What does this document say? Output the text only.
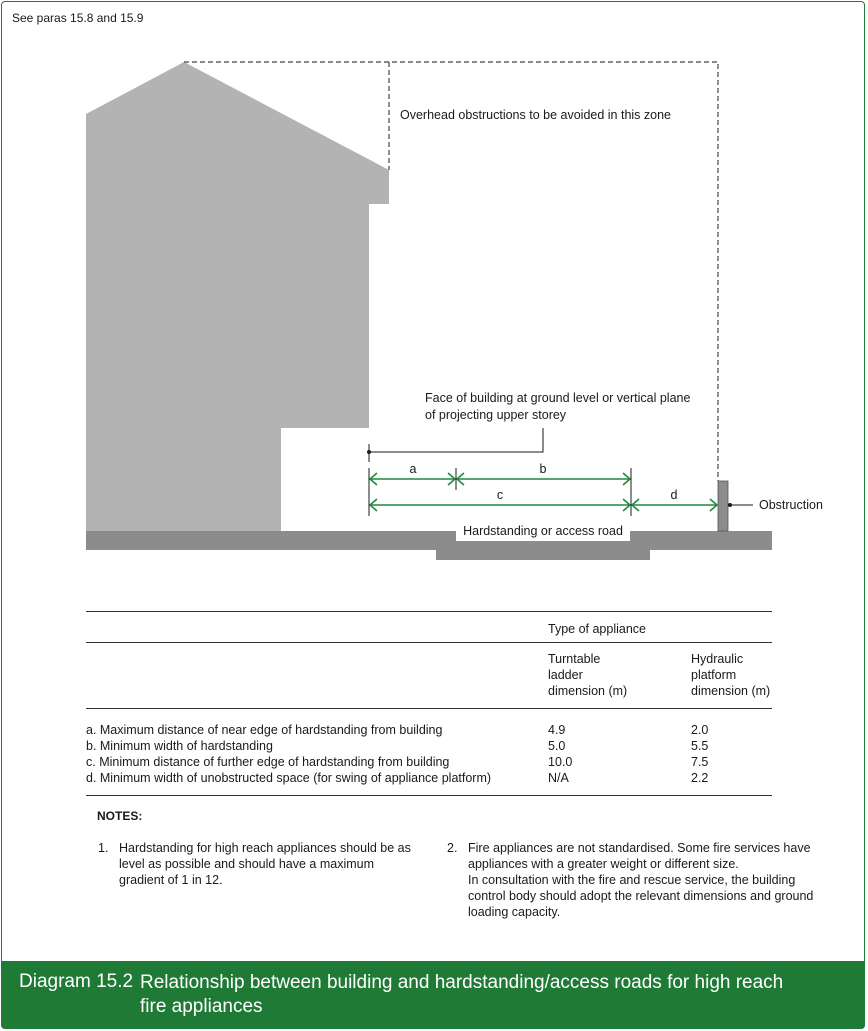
See paras 15.8 and 15.9
Overhead obstructions to be avoided in this zone
Face of building at ground level or vertical plane
of projecting upper storey
a	b
c	d
Obstruction
Hardstanding or access road
Type of appliance
Turntable
ladder
dimension (m)
Hydraulic
platform
dimension (m)
a. Maximum distance of near edge of hardstanding from building	4.9	2.0
b. Minimum width of hardstanding	5.0	5.5
c. Minimum distance of further edge of hardstanding from building	10.0	7.5
d. Minimum width of unobstructed space (for swing of appliance platform)	N/A	2.2
NOTES:
1. Hardstanding for high reach appliances should be as
level as possible and should have a maximum
gradient of 1 in 12.
2. Fire appliances are not standardised. Some fire services have
appliances with a greater weight or different size.
In consultation with the fire and rescue service, the building
control body should adopt the relevant dimensions and ground
loading capacity.
Diagram 15.2 Relationship between building and hardstanding/access roads for high reach
fire appliances
